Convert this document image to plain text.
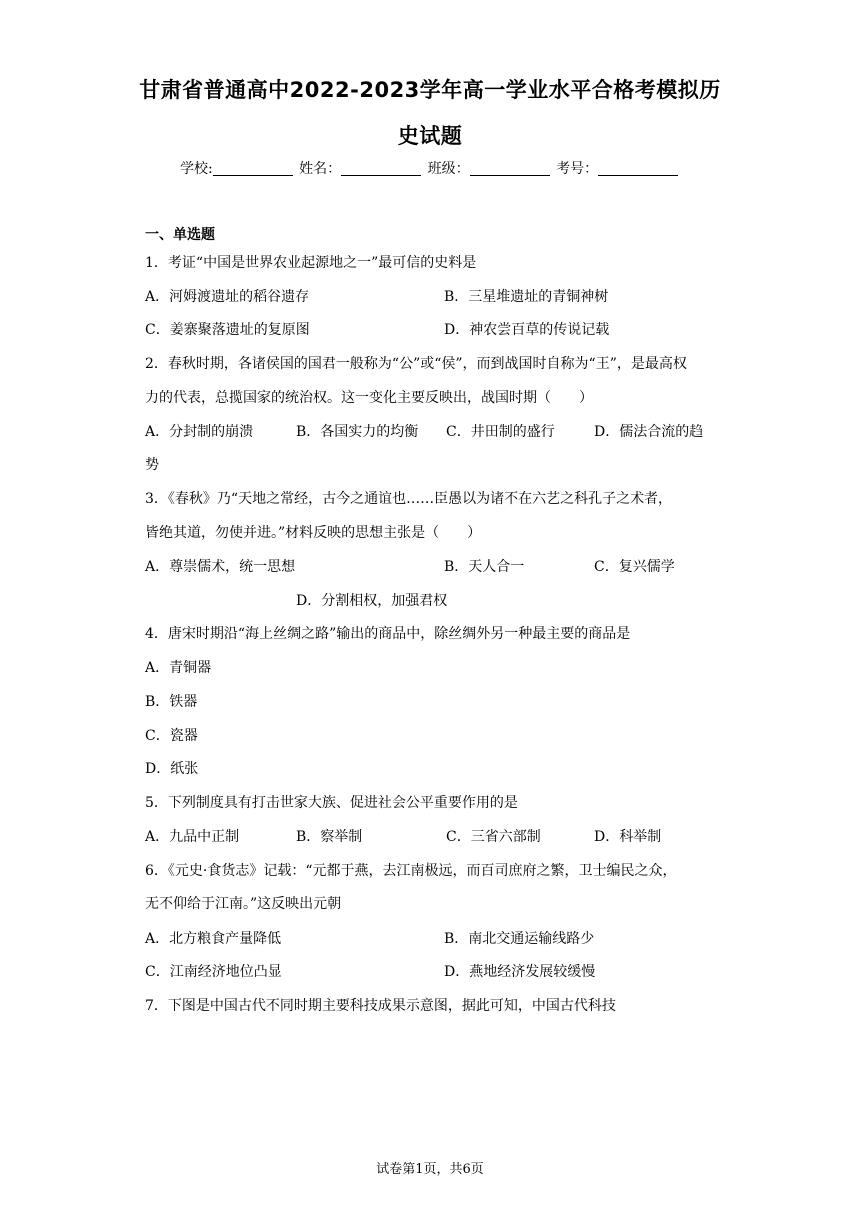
甘肃省普通高中2022-2023学年高一学业水平合格考模拟历
史试题
学校:	姓名：	班级：	考号：
一、单选题
1．考证“中国是世界农业起源地之一”最可信的史料是
A．河姆渡遗址的稻谷遗存	B．三星堆遗址的青铜神树
C．姜寨聚落遗址的复原图	D．神农尝百草的传说记载
2．春秋时期，各诸侯国的国君一般称为“公”或“侯”，而到战国时自称为“王”，是最高权
力的代表，总揽国家的统治权。这一变化主要反映出，战国时期（　　）
A．分封制的崩溃	B．各国实力的均衡 C．井田制的盛行	D．儒法合流的趋
势
3．《春秋》乃“天地之常经，古今之通谊也……臣愚以为诸不在六艺之科孔子之术者，
皆绝其道，勿使并进。”材料反映的思想主张是（　　）
A．尊崇儒术，统一思想	B．天人合一	C．复兴儒学
D．分割相权，加强君权
4．唐宋时期沿“海上丝绸之路”输出的商品中，除丝绸外另一种最主要的商品是
A．青铜器
B．铁器
C．瓷器
D．纸张
5．下列制度具有打击世家大族、促进社会公平重要作用的是
A．九品中正制	B．察举制	C．三省六部制	D．科举制
6．《元史·食货志》记载：“元都于燕，去江南极远，而百司庶府之繁，卫士编民之众，
无不仰给于江南。”这反映出元朝
A．北方粮食产量降低	B．南北交通运输线路少
C．江南经济地位凸显	D．燕地经济发展较缓慢
7．下图是中国古代不同时期主要科技成果示意图，据此可知，中国古代科技
试卷第1页，共6页
